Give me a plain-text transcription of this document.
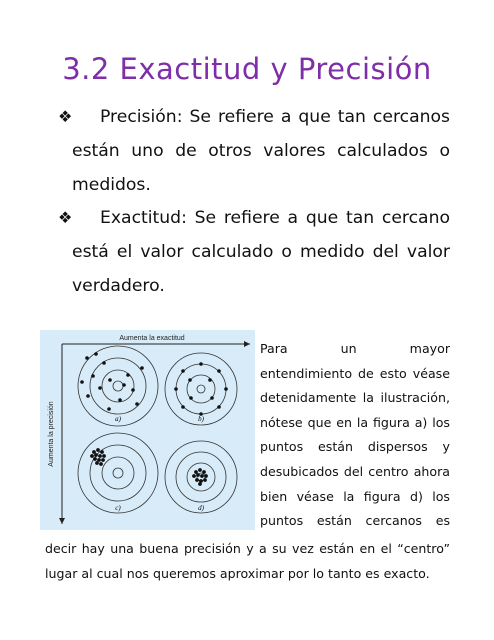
3.2 Exactitud y Precisión
❖	Precisión: Se refiere a que tan cercanos
están uno de otros valores calculados o
medidos.
❖	Exactitud: Se refiere a que tan cercano
está el valor calculado o medido del valor
verdadero.
Aumenta la exactitud
Aumenta la precisión	a)	b)
c)	d)
Para un mayor
entendimiento de esto véase
detenidamente la ilustración,
nótese que en la figura a) los
puntos están dispersos y
desubicados del centro ahora
bien véase la figura d) los
puntos están cercanos es
decir hay una buena precisión y a su vez están en el “centro”
lugar al cual nos queremos aproximar por lo tanto es exacto.
